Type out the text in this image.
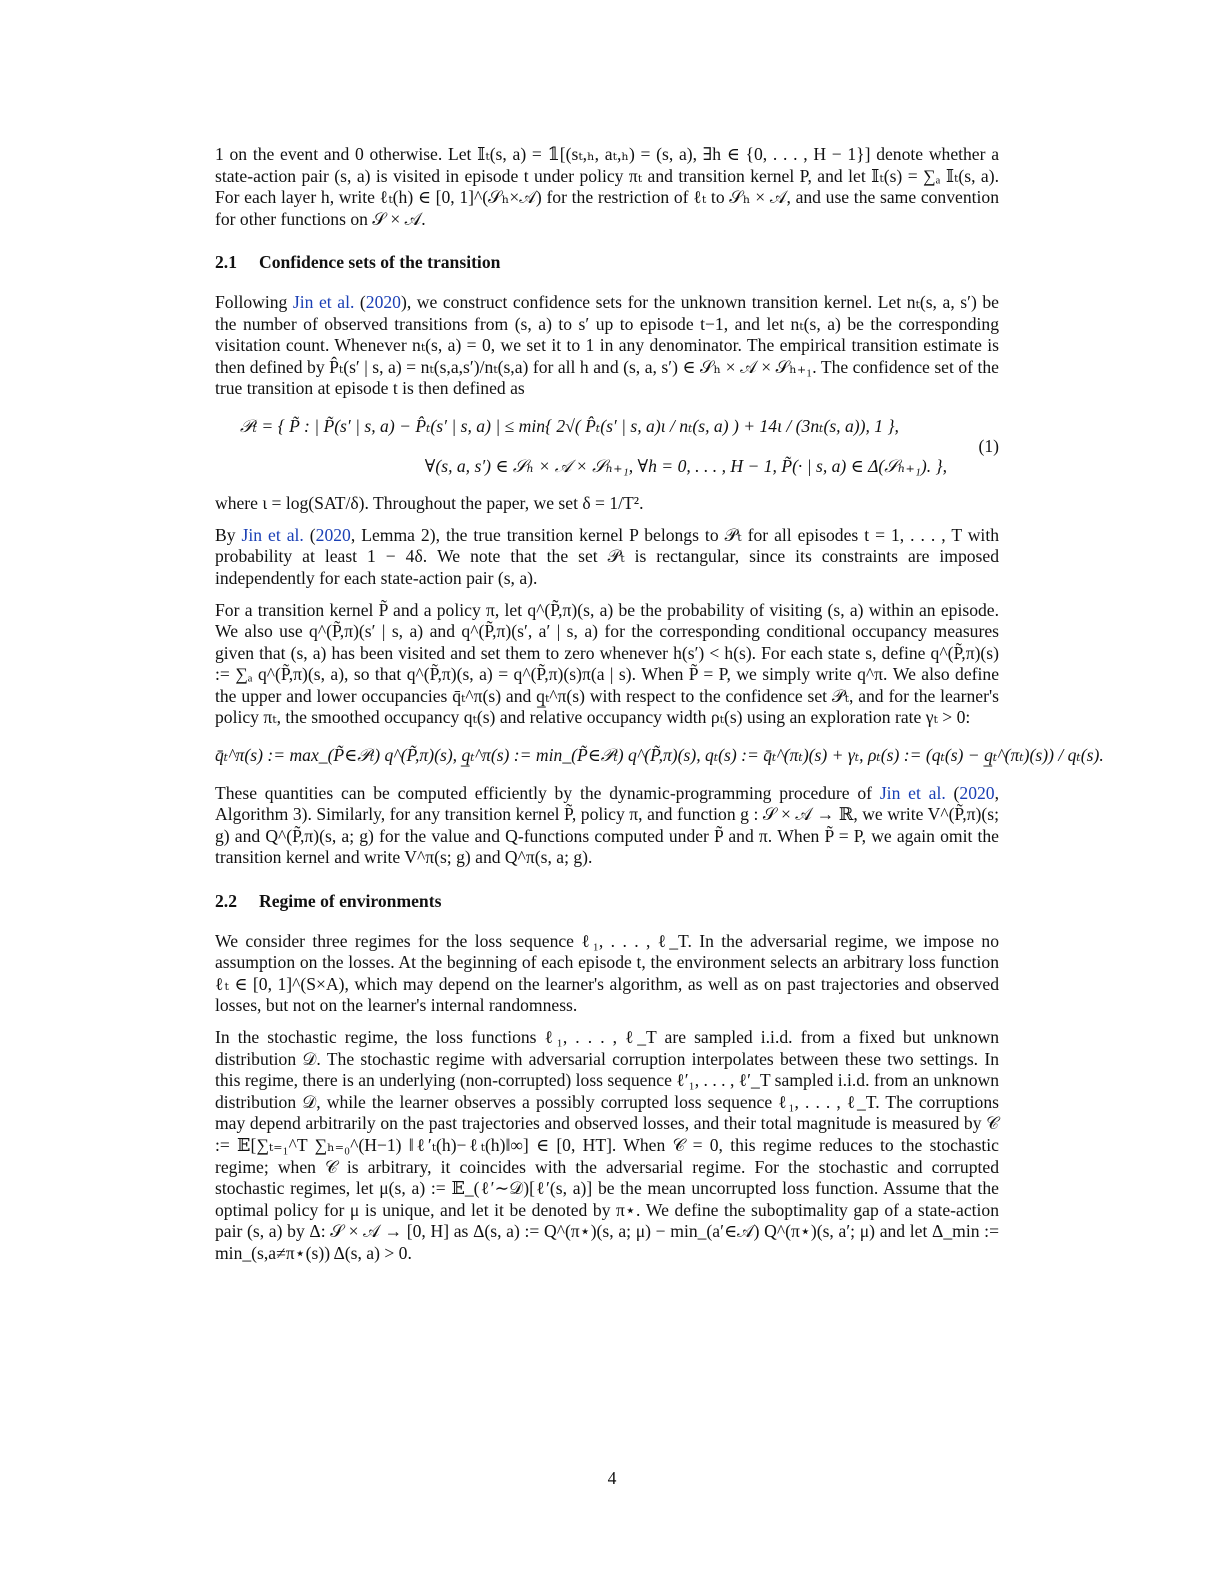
1 on the event and 0 otherwise. Let 𝕀ₜ(s, a) = 𝟙[(sₜ,ₕ, aₜ,ₕ) = (s, a), ∃h ∈ {0, . . . , H − 1}] denote whether a state-action pair (s, a) is visited in episode t under policy πₜ and transition kernel P, and let 𝕀ₜ(s) = ∑ₐ 𝕀ₜ(s, a). For each layer h, write ℓₜ(h) ∈ [0, 1]^(𝒮ₕ×𝒜) for the restriction of ℓₜ to 𝒮ₕ × 𝒜, and use the same convention for other functions on 𝒮 × 𝒜.

2.1 Confidence sets of the transition

Following Jin et al. (2020), we construct confidence sets for the unknown transition kernel. Let nₜ(s, a, s′) be the number of observed transitions from (s, a) to s′ up to episode t−1, and let nₜ(s, a) be the corresponding visitation count. Whenever nₜ(s, a) = 0, we set it to 1 in any denominator. The empirical transition estimate is then defined by P̂ₜ(s′ | s, a) = nₜ(s,a,s′)/nₜ(s,a) for all h and (s, a, s′) ∈ 𝒮ₕ × 𝒜 × 𝒮ₕ₊₁. The confidence set of the true transition at episode t is then defined as

𝒫ₜ = { P̃ : | P̃(s′ | s, a) − P̂ₜ(s′ | s, a) | ≤ min{ 2√( P̂ₜ(s′ | s, a)ι / nₜ(s, a) ) + 14ι / (3nₜ(s, a)), 1 },
∀(s, a, s′) ∈ 𝒮ₕ × 𝒜 × 𝒮ₕ₊₁, ∀h = 0, . . . , H − 1, P̃(· | s, a) ∈ Δ(𝒮ₕ₊₁). },
(1)

where ι = log(SAT/δ). Throughout the paper, we set δ = 1/T².

By Jin et al. (2020, Lemma 2), the true transition kernel P belongs to 𝒫ₜ for all episodes t = 1, . . . , T with probability at least 1 − 4δ. We note that the set 𝒫ₜ is rectangular, since its constraints are imposed independently for each state-action pair (s, a).

For a transition kernel P̃ and a policy π, let q^(P̃,π)(s, a) be the probability of visiting (s, a) within an episode. We also use q^(P̃,π)(s′ | s, a) and q^(P̃,π)(s′, a′ | s, a) for the corresponding conditional occupancy measures given that (s, a) has been visited and set them to zero whenever h(s′) < h(s). For each state s, define q^(P̃,π)(s) := ∑ₐ q^(P̃,π)(s, a), so that q^(P̃,π)(s, a) = q^(P̃,π)(s)π(a | s). When P̃ = P, we simply write q^π. We also define the upper and lower occupancies q̄ₜ^π(s) and q̲ₜ^π(s) with respect to the confidence set 𝒫ₜ, and for the learner's policy πₜ, the smoothed occupancy qₜ(s) and relative occupancy width ρₜ(s) using an exploration rate γₜ > 0:

q̄ₜ^π(s) := max_(P̃∈𝒫ₜ) q^(P̃,π)(s), q̲ₜ^π(s) := min_(P̃∈𝒫ₜ) q^(P̃,π)(s), qₜ(s) := q̄ₜ^(πₜ)(s) + γₜ, ρₜ(s) := (qₜ(s) − q̲ₜ^(πₜ)(s)) / qₜ(s).

These quantities can be computed efficiently by the dynamic-programming procedure of Jin et al. (2020, Algorithm 3). Similarly, for any transition kernel P̃, policy π, and function g : 𝒮 × 𝒜 → ℝ, we write V^(P̃,π)(s; g) and Q^(P̃,π)(s, a; g) for the value and Q-functions computed under P̃ and π. When P̃ = P, we again omit the transition kernel and write V^π(s; g) and Q^π(s, a; g).

2.2 Regime of environments

We consider three regimes for the loss sequence ℓ₁, . . . , ℓ_T. In the adversarial regime, we impose no assumption on the losses. At the beginning of each episode t, the environment selects an arbitrary loss function ℓₜ ∈ [0, 1]^(S×A), which may depend on the learner's algorithm, as well as on past trajectories and observed losses, but not on the learner's internal randomness.

In the stochastic regime, the loss functions ℓ₁, . . . , ℓ_T are sampled i.i.d. from a fixed but unknown distribution 𝒟. The stochastic regime with adversarial corruption interpolates between these two settings. In this regime, there is an underlying (non-corrupted) loss sequence ℓ′₁, . . . , ℓ′_T sampled i.i.d. from an unknown distribution 𝒟, while the learner observes a possibly corrupted loss sequence ℓ₁, . . . , ℓ_T. The corruptions may depend arbitrarily on the past trajectories and observed losses, and their total magnitude is measured by 𝒞 := 𝔼[∑ₜ₌₁^T ∑ₕ₌₀^(H−1) ‖ℓ′ₜ(h)−ℓₜ(h)‖∞] ∈ [0, HT]. When 𝒞 = 0, this regime reduces to the stochastic regime; when 𝒞 is arbitrary, it coincides with the adversarial regime. For the stochastic and corrupted stochastic regimes, let μ(s, a) := 𝔼_(ℓ′∼𝒟)[ℓ′(s, a)] be the mean uncorrupted loss function. Assume that the optimal policy for μ is unique, and let it be denoted by π⋆. We define the suboptimality gap of a state-action pair (s, a) by Δ: 𝒮 × 𝒜 → [0, H] as Δ(s, a) := Q^(π⋆)(s, a; μ) − min_(a′∈𝒜) Q^(π⋆)(s, a′; μ) and let Δ_min := min_(s,a≠π⋆(s)) Δ(s, a) > 0.

4
